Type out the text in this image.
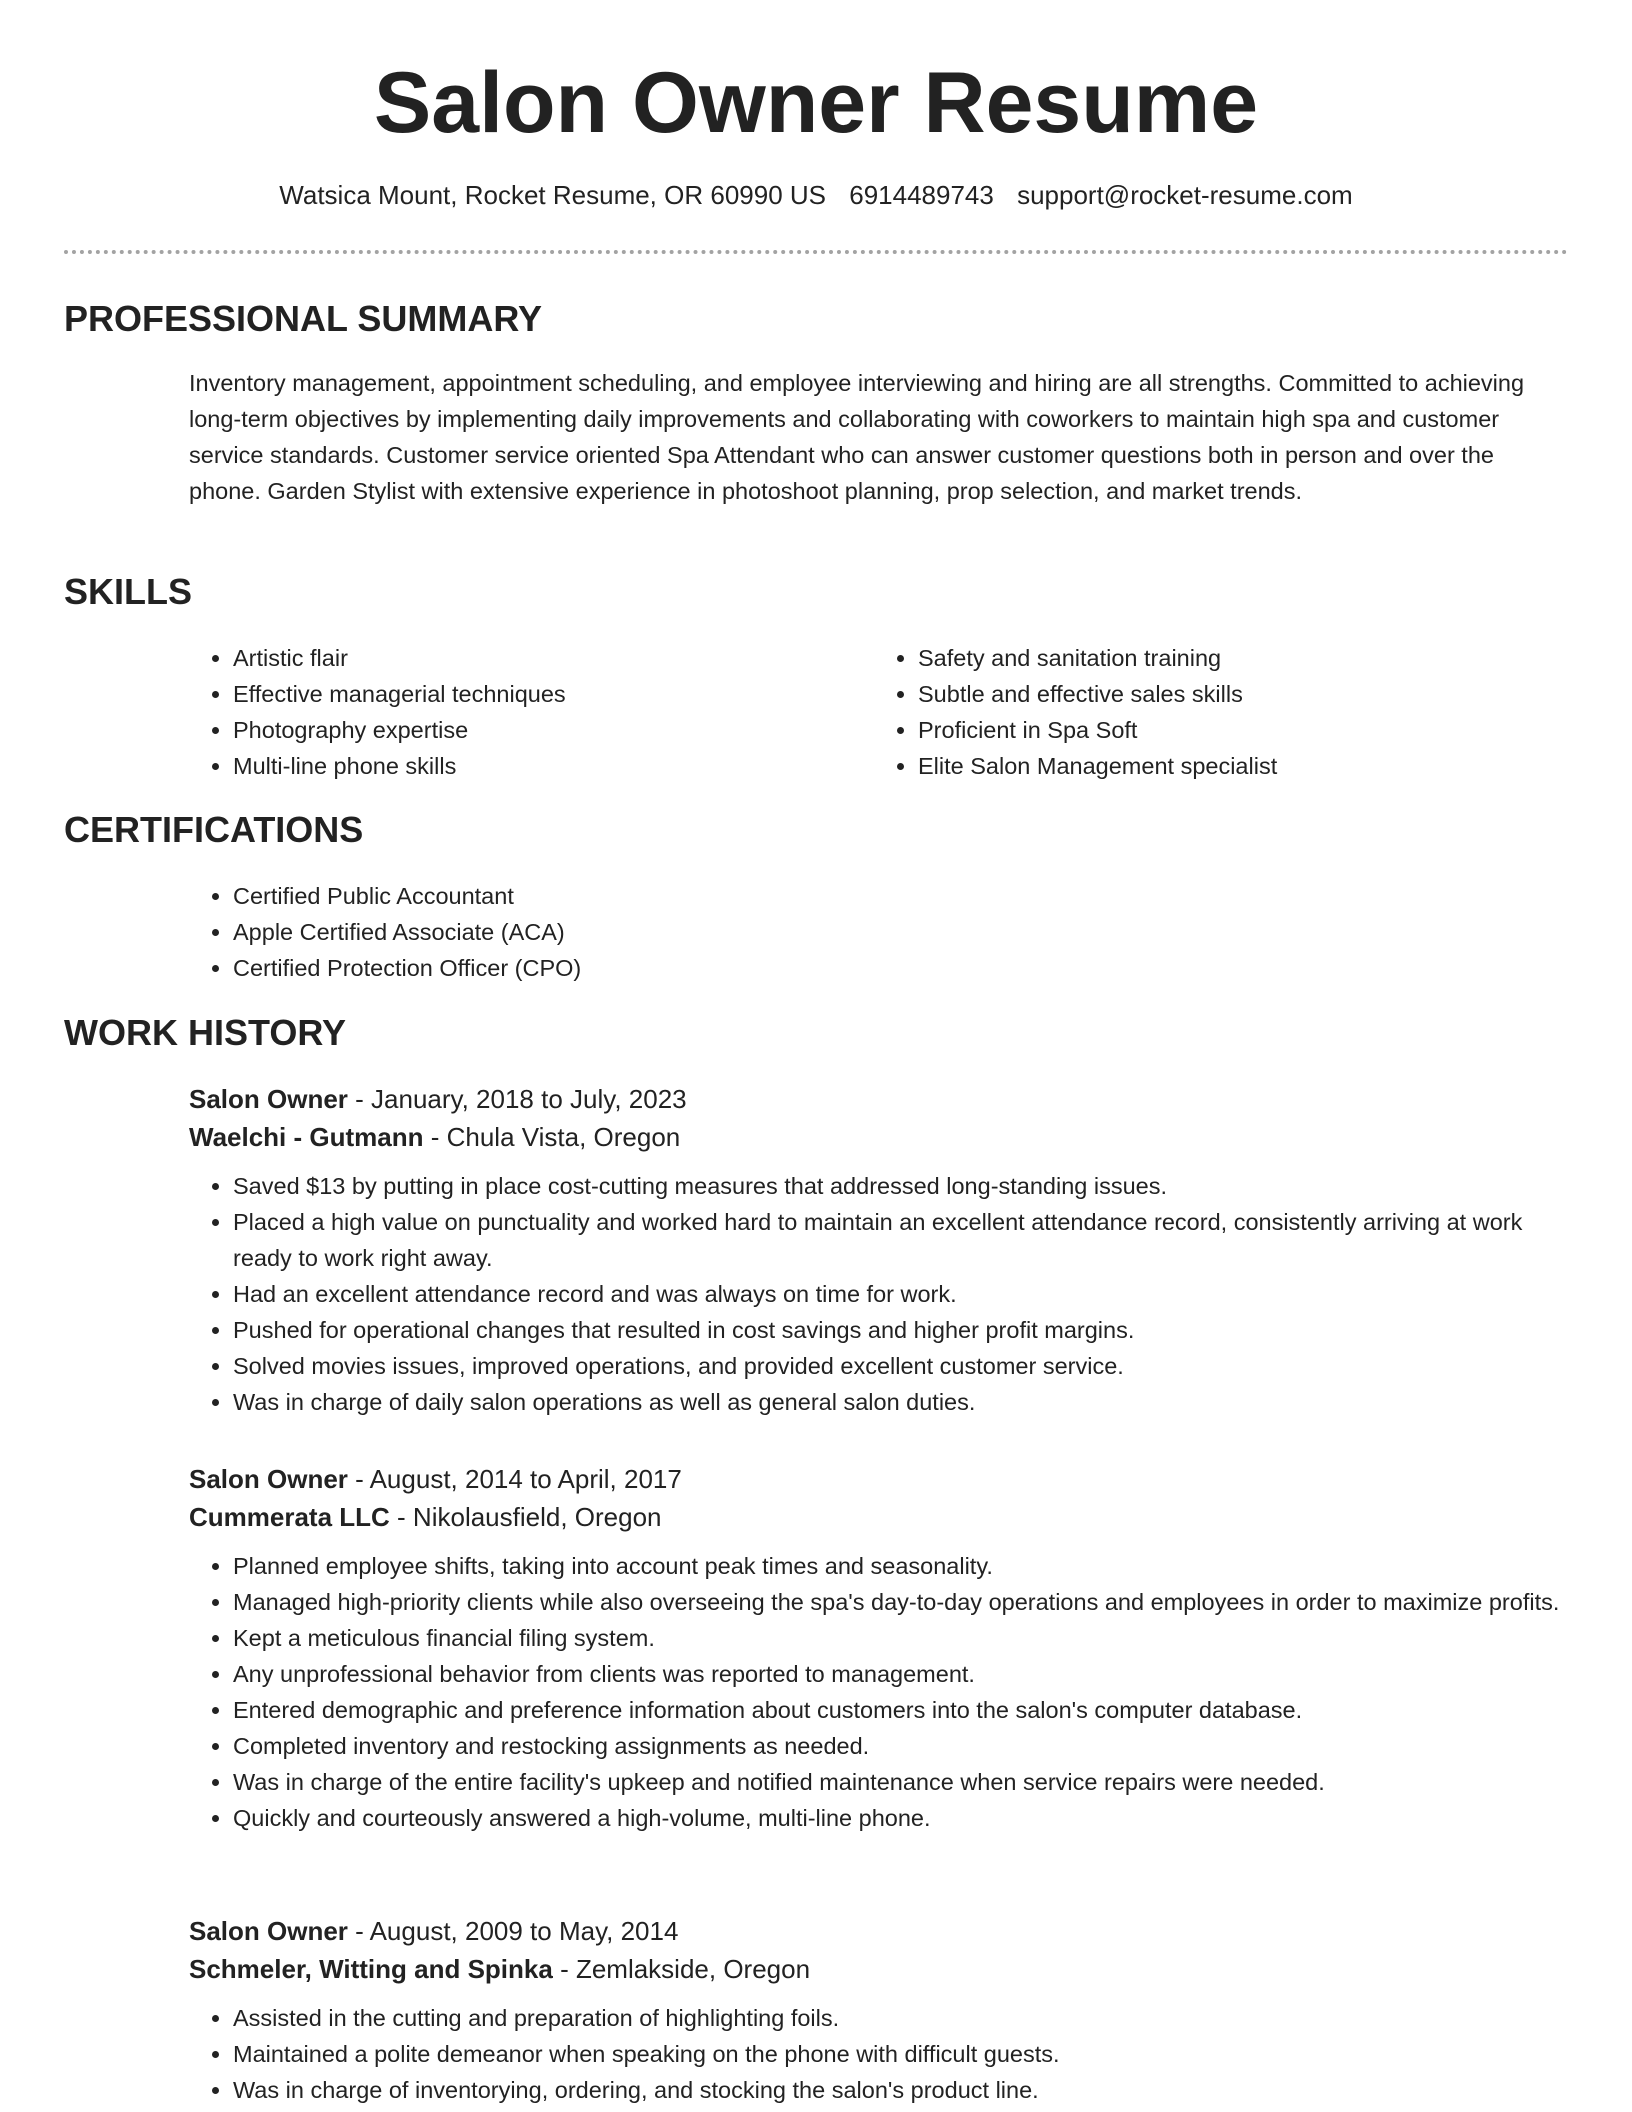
Salon Owner Resume
Watsica Mount, Rocket Resume, OR 60990 US 6914489743 support@rocket-resume.com
PROFESSIONAL SUMMARY

Inventory management, appointment scheduling, and employee interviewing and hiring are all strengths. Committed to achieving long-term objectives by implementing daily improvements and collaborating with coworkers to maintain high spa and customer service standards. Customer service oriented Spa Attendant who can answer customer questions both in person and over the phone. Garden Stylist with extensive experience in photoshoot planning, prop selection, and market trends.

SKILLS
• Artistic flair
• Effective managerial techniques
• Photography expertise
• Multi-line phone skills
• Safety and sanitation training
• Subtle and effective sales skills
• Proficient in Spa Soft
• Elite Salon Management specialist
CERTIFICATIONS
• Certified Public Accountant
• Apple Certified Associate (ACA)
• Certified Protection Officer (CPO)
WORK HISTORY

Salon Owner - January, 2018 to July, 2023

Waelchi - Gutmann - Chula Vista, Oregon

• Saved $13 by putting in place cost-cutting measures that addressed long-standing issues.
• Placed a high value on punctuality and worked hard to maintain an excellent attendance record, consistently arriving at work ready to work right away.
• Had an excellent attendance record and was always on time for work.
• Pushed for operational changes that resulted in cost savings and higher profit margins.
• Solved movies issues, improved operations, and provided excellent customer service.
• Was in charge of daily salon operations as well as general salon duties.

Salon Owner - August, 2014 to April, 2017

Cummerata LLC - Nikolausfield, Oregon

• Planned employee shifts, taking into account peak times and seasonality.
• Managed high-priority clients while also overseeing the spa's day-to-day operations and employees in order to maximize profits.
• Kept a meticulous financial filing system.
• Any unprofessional behavior from clients was reported to management.
• Entered demographic and preference information about customers into the salon's computer database.
• Completed inventory and restocking assignments as needed.
• Was in charge of the entire facility's upkeep and notified maintenance when service repairs were needed.
• Quickly and courteously answered a high-volume, multi-line phone.

Salon Owner - August, 2009 to May, 2014

Schmeler, Witting and Spinka - Zemlakside, Oregon

• Assisted in the cutting and preparation of highlighting foils.
• Maintained a polite demeanor when speaking on the phone with difficult guests.
• Was in charge of inventorying, ordering, and stocking the salon's product line.
